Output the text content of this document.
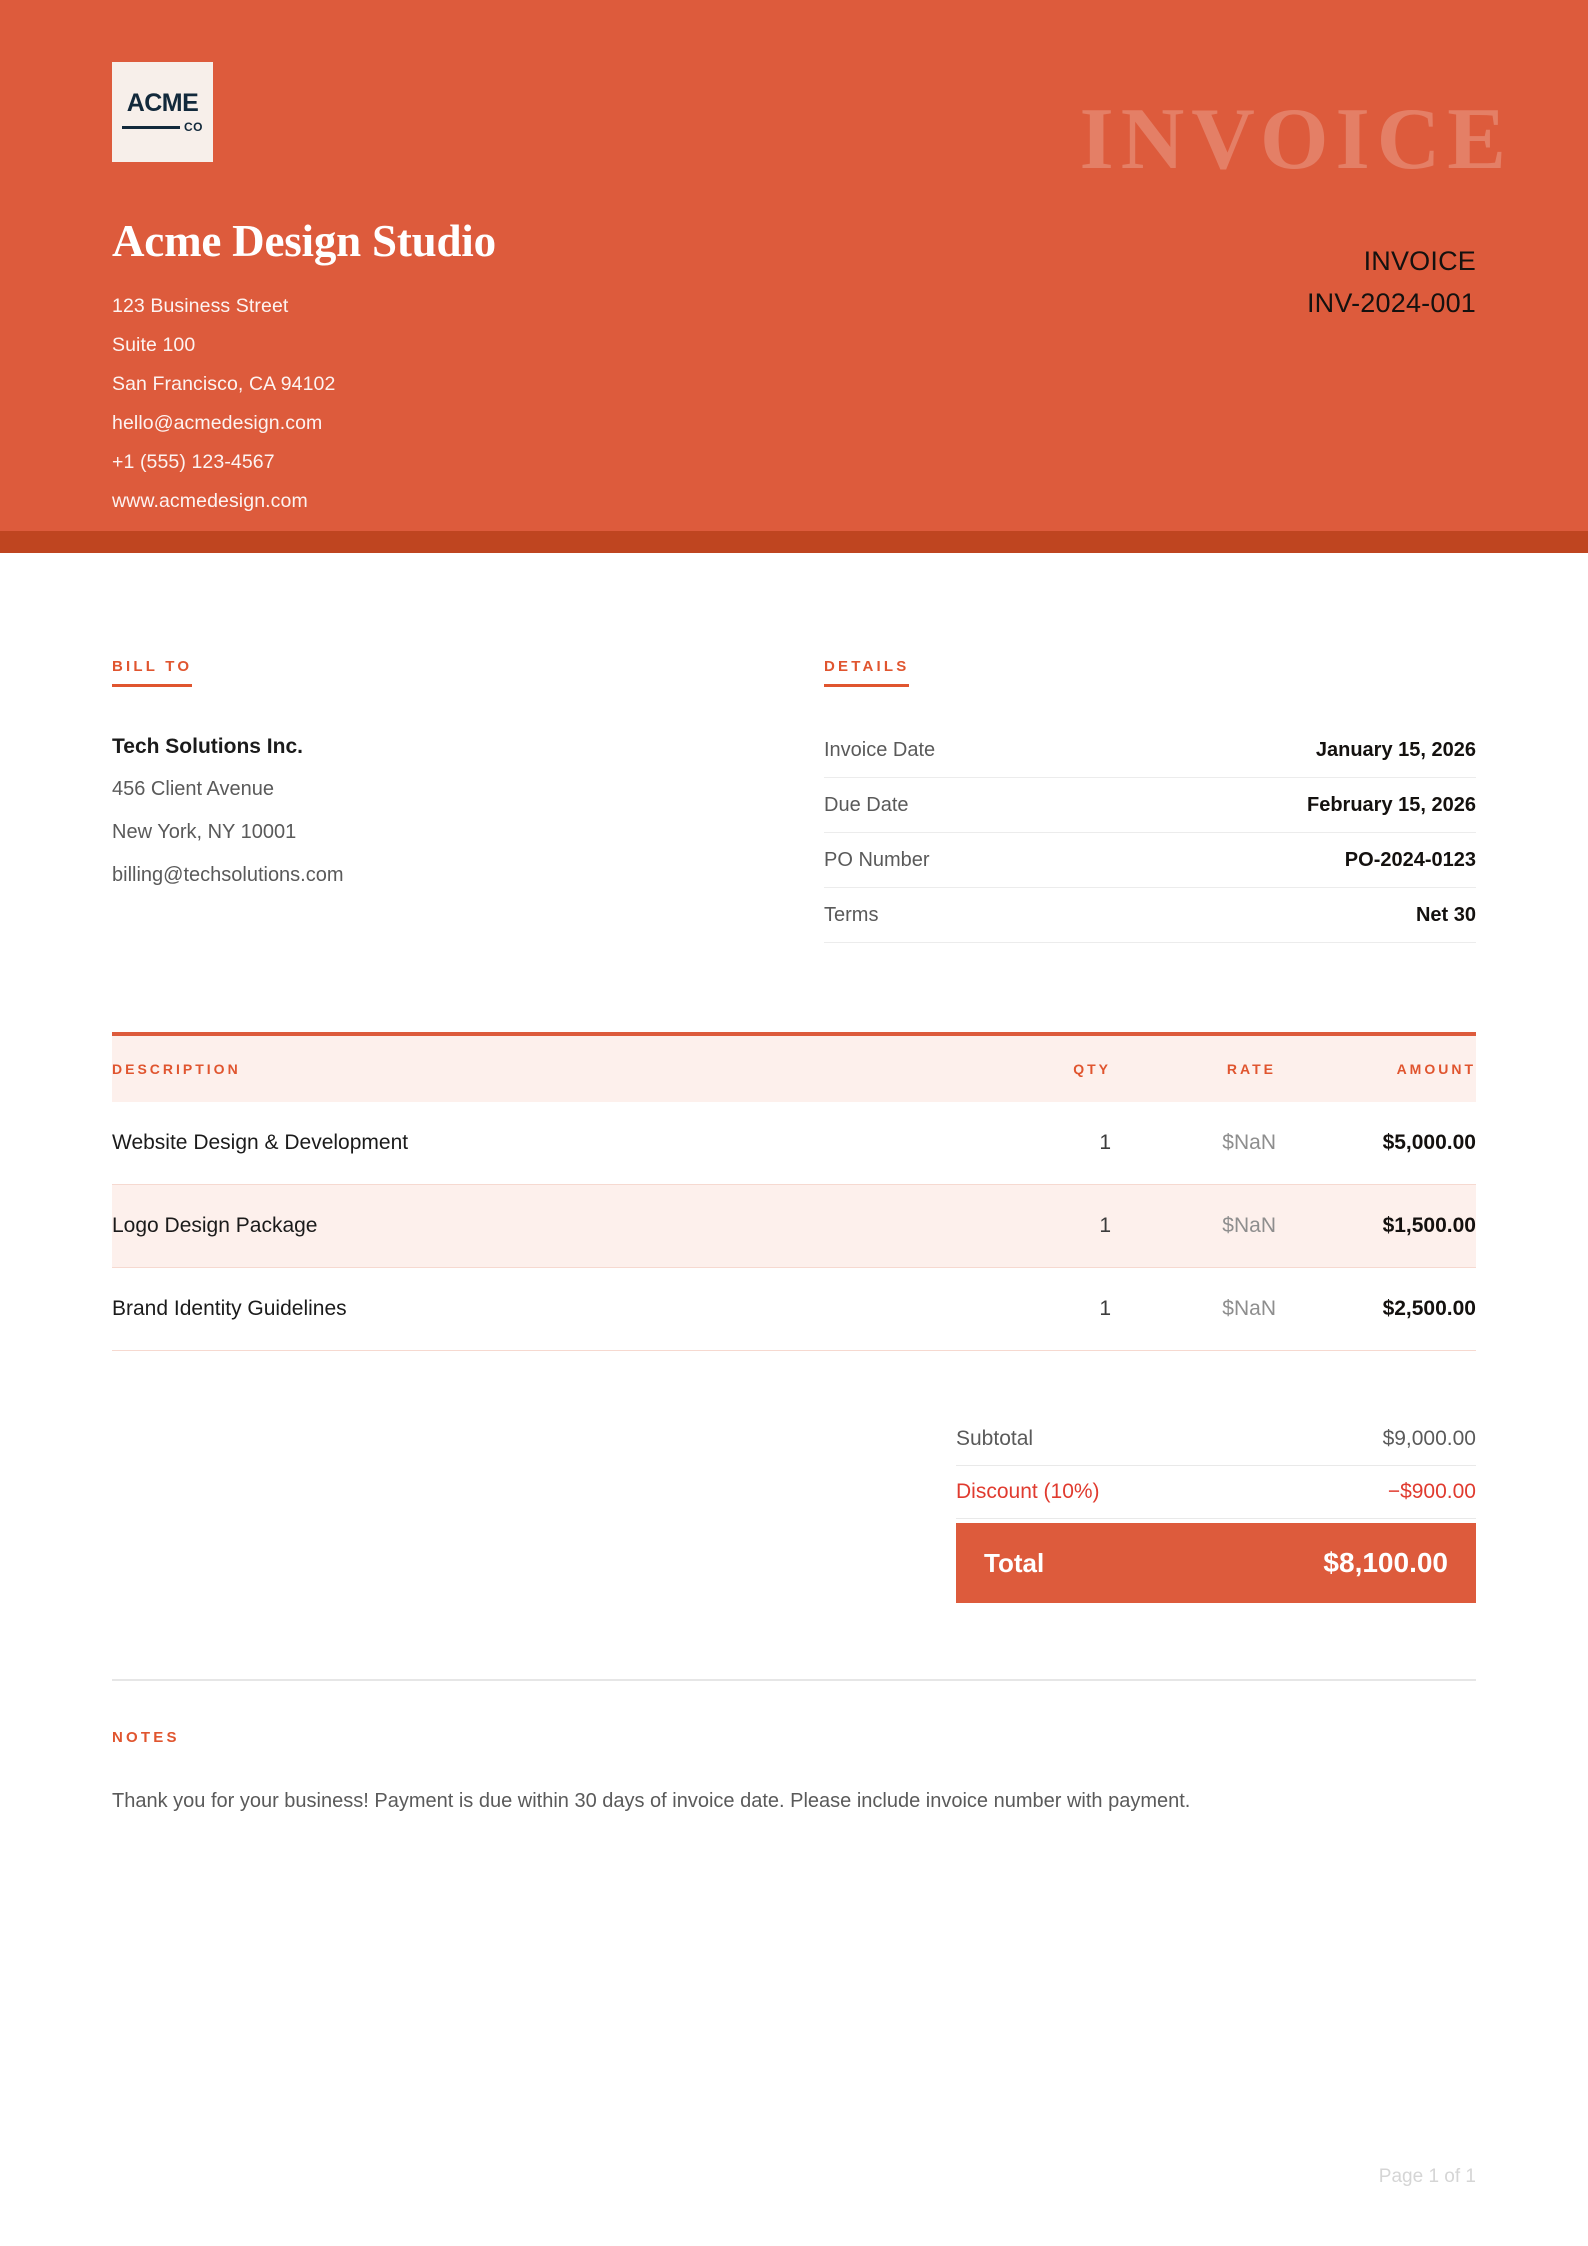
INVOICE
ACME
CO
Acme Design Studio
123 Business Street
Suite 100
San Francisco, CA 94102
hello@acmedesign.com
+1 (555) 123-4567
www.acmedesign.com
INVOICE
INV-2024-001
BILL TO
Tech Solutions Inc.
456 Client Avenue
New York, NY 10001
billing@techsolutions.com
DETAILS
Invoice Date	January 15, 2026
Due Date	February 15, 2026
PO Number	PO-2024-0123
Terms	Net 30
DESCRIPTION	QTY	RATE	AMOUNT
Website Design & Development	1	$NaN	$5,000.00
Logo Design Package	1	$NaN	$1,500.00
Brand Identity Guidelines	1	$NaN	$2,500.00
Subtotal	$9,000.00
Discount (10%)	−$900.00
Total	$8,100.00
NOTES
Thank you for your business! Payment is due within 30 days of invoice date. Please include invoice number with payment.
Page 1 of 1
